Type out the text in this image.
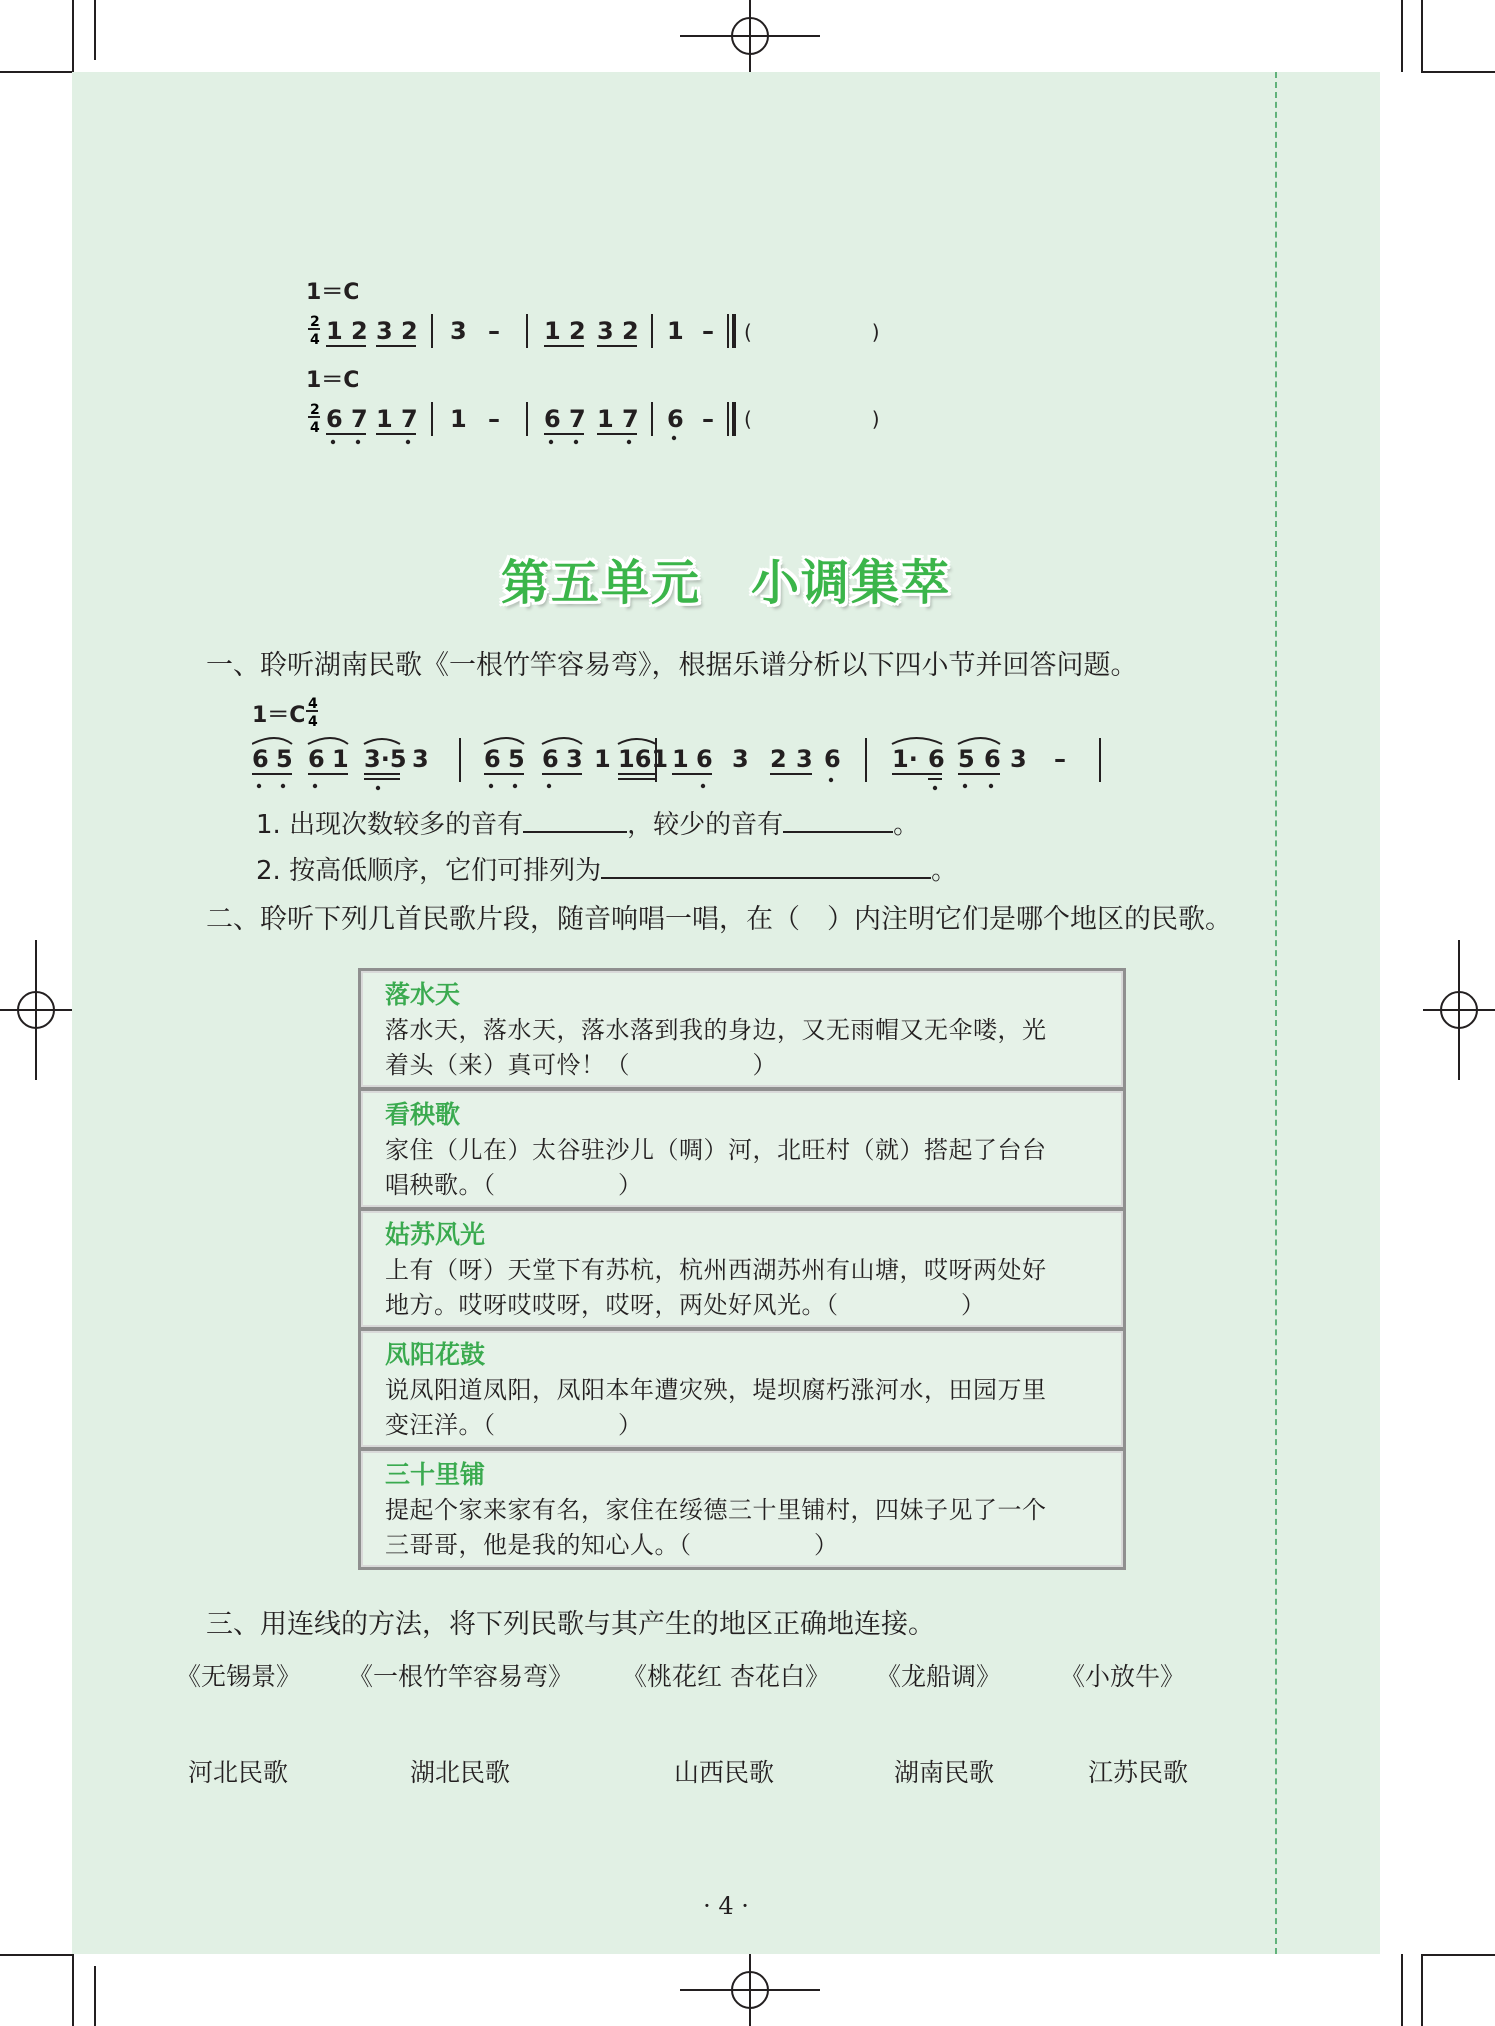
1＝C
2
4 1 2 3 2 3 – 1 2 3 2 1 – (　　　　　　)
1＝C
2
4 6 7 1 7 1 – 6 7 1 7 6 – (　　　　　　)
第五单元　小调集萃
一、聆听湖南民歌《一根竹竿容易弯》，根据乐谱分析以下四小节并回答问题。
1＝C 4
4
6 5 6 1 3·5 3 6 5 6 3 1 161 1 6 3 2 3 6 1· 6 5 6 3 –
1. 出现次数较多的音有	，较少的音有	。
2. 按高低顺序，它们可排列为	。
二、聆听下列几首民歌片段，随音响唱一唱，在（　）内注明它们是哪个地区的民歌。
落水天
落水天，落水天，落水落到我的身边，又无雨帽又无伞喽，光
着头（来）真可怜！（　　　　　）
看秧歌
家住（儿在）太谷驻沙儿（啁）河，北旺村（就）搭起了台台
唱秧歌。（　　　　　）
姑苏风光
上有（呀）天堂下有苏杭，杭州西湖苏州有山塘，哎呀两处好
地方。哎呀哎哎呀，哎呀，两处好风光。（　　　　　）
凤阳花鼓
说凤阳道凤阳，凤阳本年遭灾殃，堤坝腐朽涨河水，田园万里
变汪洋。（　　　　　）
三十里铺
提起个家来家有名，家住在绥德三十里铺村，四妹子见了一个
三哥哥，他是我的知心人。（　　　　　）
三、用连线的方法，将下列民歌与其产生的地区正确地连接。
《无锡景》 《一根竹竿容易弯》 《桃花红 杏花白》 《龙船调》 《小放牛》
河北民歌	湖北民歌	山西民歌	湖南民歌	江苏民歌
· 4 ·
